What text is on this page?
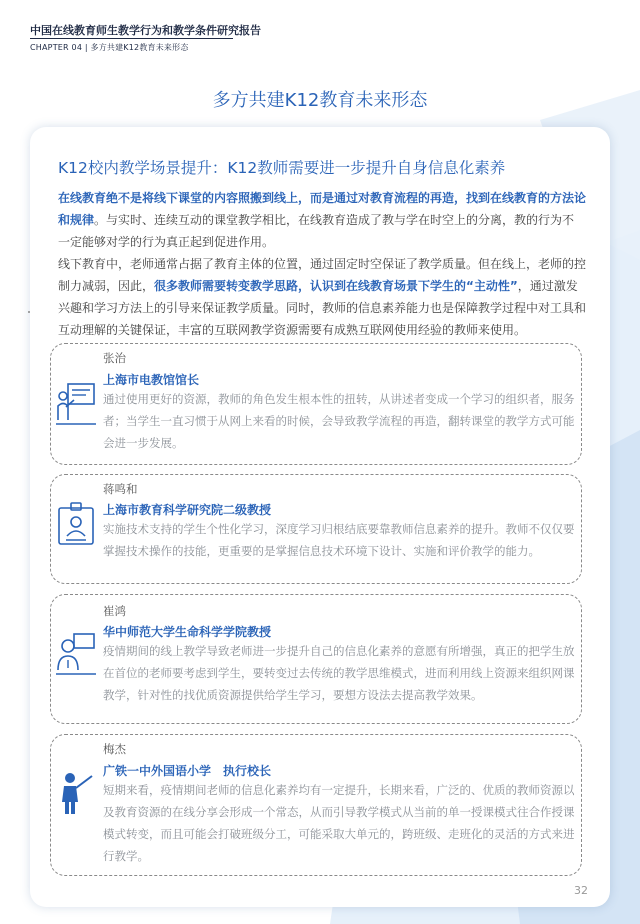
中国在线教育师生教学行为和教学条件研究报告
CHAPTER 04 | 多方共建K12教育未来形态
多方共建K12教育未来形态
K12校内教学场景提升：K12教师需要进一步提升自身信息化素养

在线教育绝不是将线下课堂的内容照搬到线上，而是通过对教育流程的再造，找到在线教育的方法论和规律。与实时、连续互动的课堂教学相比，在线教育造成了教与学在时空上的分离，教的行为不一定能够对学的行为真正起到促进作用。
线下教育中，老师通常占据了教育主体的位置，通过固定时空保证了教学质量。但在线上，老师的控制力减弱，因此，很多教师需要转变教学思路，认识到在线教育场景下学生的“主动性”，通过激发兴趣和学习方法上的引导来保证教学质量。同时，教师的信息素养能力也是保障教学过程中对工具和互动理解的关键保证，丰富的互联网教学资源需要有成熟互联网使用经验的教师来使用。

张治
上海市电教馆馆长

通过使用更好的资源，教师的角色发生根本性的扭转，从讲述者变成一个学习的组织者，服务者；当学生一直习惯于从网上来看的时候，会导致教学流程的再造，翻转课堂的教学方式可能会进一步发展。

蒋鸣和
上海市教育科学研究院二级教授

实施技术支持的学生个性化学习，深度学习归根结底要靠教师信息素养的提升。教师不仅仅要掌握技术操作的技能，更重要的是掌握信息技术环境下设计、实施和评价教学的能力。

崔鸿
华中师范大学生命科学学院教授

疫情期间的线上教学导致老师进一步提升自己的信息化素养的意愿有所增强，真正的把学生放在首位的老师要考虑到学生，要转变过去传统的教学思维模式，进而利用线上资源来组织网课教学，针对性的找优质资源提供给学生学习，要想方设法去提高教学效果。

梅杰
广铁一中外国语小学　执行校长

短期来看，疫情期间老师的信息化素养均有一定提升，长期来看，广泛的、优质的教师资源以及教育资源的在线分享会形成一个常态，从而引导教学模式从当前的单一授课模式往合作授课模式转变，而且可能会打破班级分工，可能采取大单元的，跨班级、走班化的灵活的方式来进行教学。

32
